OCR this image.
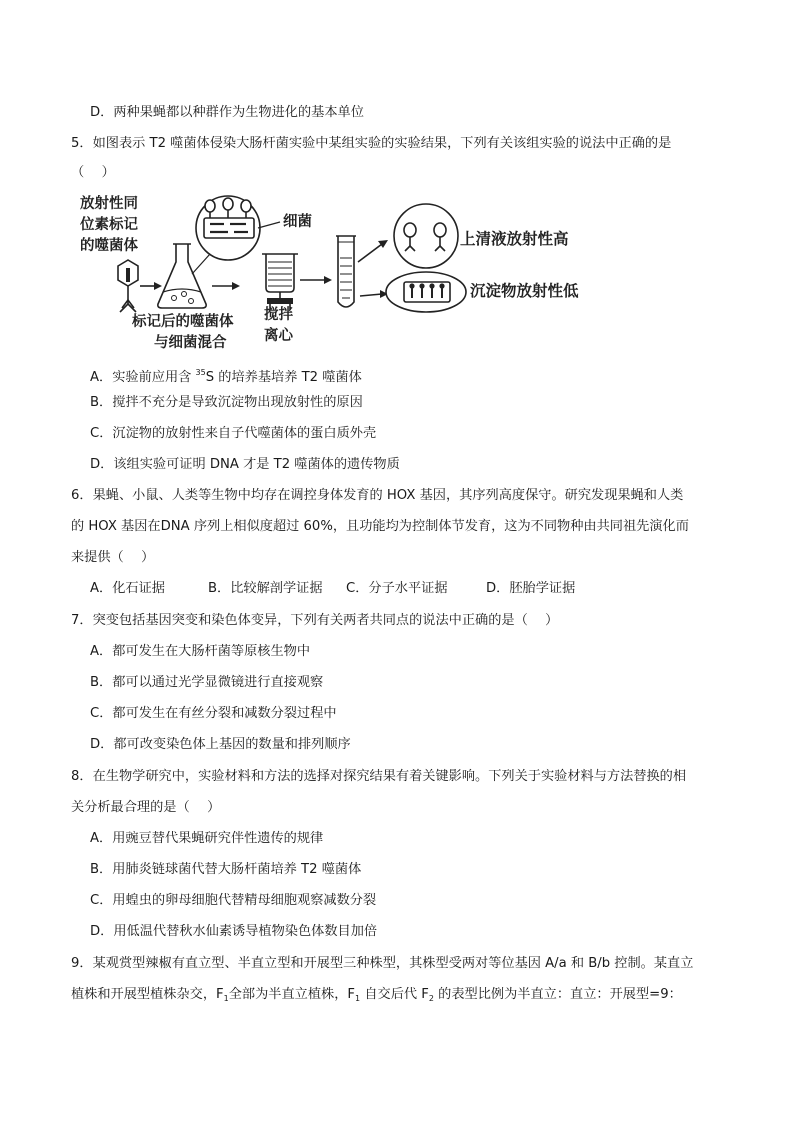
D．两种果蝇都以种群作为生物进化的基本单位
5．如图表示 T2 噬菌体侵染大肠杆菌实验中某组实验的实验结果，下列有关该组实验的说法中正确的是
（　 ）
放射性同
位素标记
的噬菌体
细菌
标记后的噬菌体
与细菌混合
搅拌
离心
上清液放射性高
沉淀物放射性低
A．实验前应用含 $^{35}$S 的培养基培养 T2 噬菌体
B．搅拌不充分是导致沉淀物出现放射性的原因
C．沉淀物的放射性来自子代噬菌体的蛋白质外壳
D．该组实验可证明 DNA 才是 T2 噬菌体的遗传物质
6．果蝇、小鼠、人类等生物中均存在调控身体发育的 HOX 基因，其序列高度保守。研究发现果蝇和人类
的 HOX 基因在DNA 序列上相似度超过 60%，且功能均为控制体节发育，这为不同物种由共同祖先演化而
来提供（　 ）
A．化石证据	B．比较解剖学证据 C．分子水平证据	D．胚胎学证据
7．突变包括基因突变和染色体变异，下列有关两者共同点的说法中正确的是（　 ）
A．都可发生在大肠杆菌等原核生物中
B．都可以通过光学显微镜进行直接观察
C．都可发生在有丝分裂和减数分裂过程中
D．都可改变染色体上基因的数量和排列顺序
8．在生物学研究中，实验材料和方法的选择对探究结果有着关键影响。下列关于实验材料与方法替换的相
关分析最合理的是（　 ）
A．用豌豆替代果蝇研究伴性遗传的规律
B．用肺炎链球菌代替大肠杆菌培养 T2 噬菌体
C．用蝗虫的卵母细胞代替精母细胞观察减数分裂
D．用低温代替秋水仙素诱导植物染色体数目加倍
9．某观赏型辣椒有直立型、半直立型和开展型三种株型，其株型受两对等位基因 A/a 和 B/b 控制。某直立
植株和开展型植株杂交，$F_1$全部为半直立植株，$F_1$ 自交后代 $F_2$ 的表型比例为半直立：直立：开展型=9：
